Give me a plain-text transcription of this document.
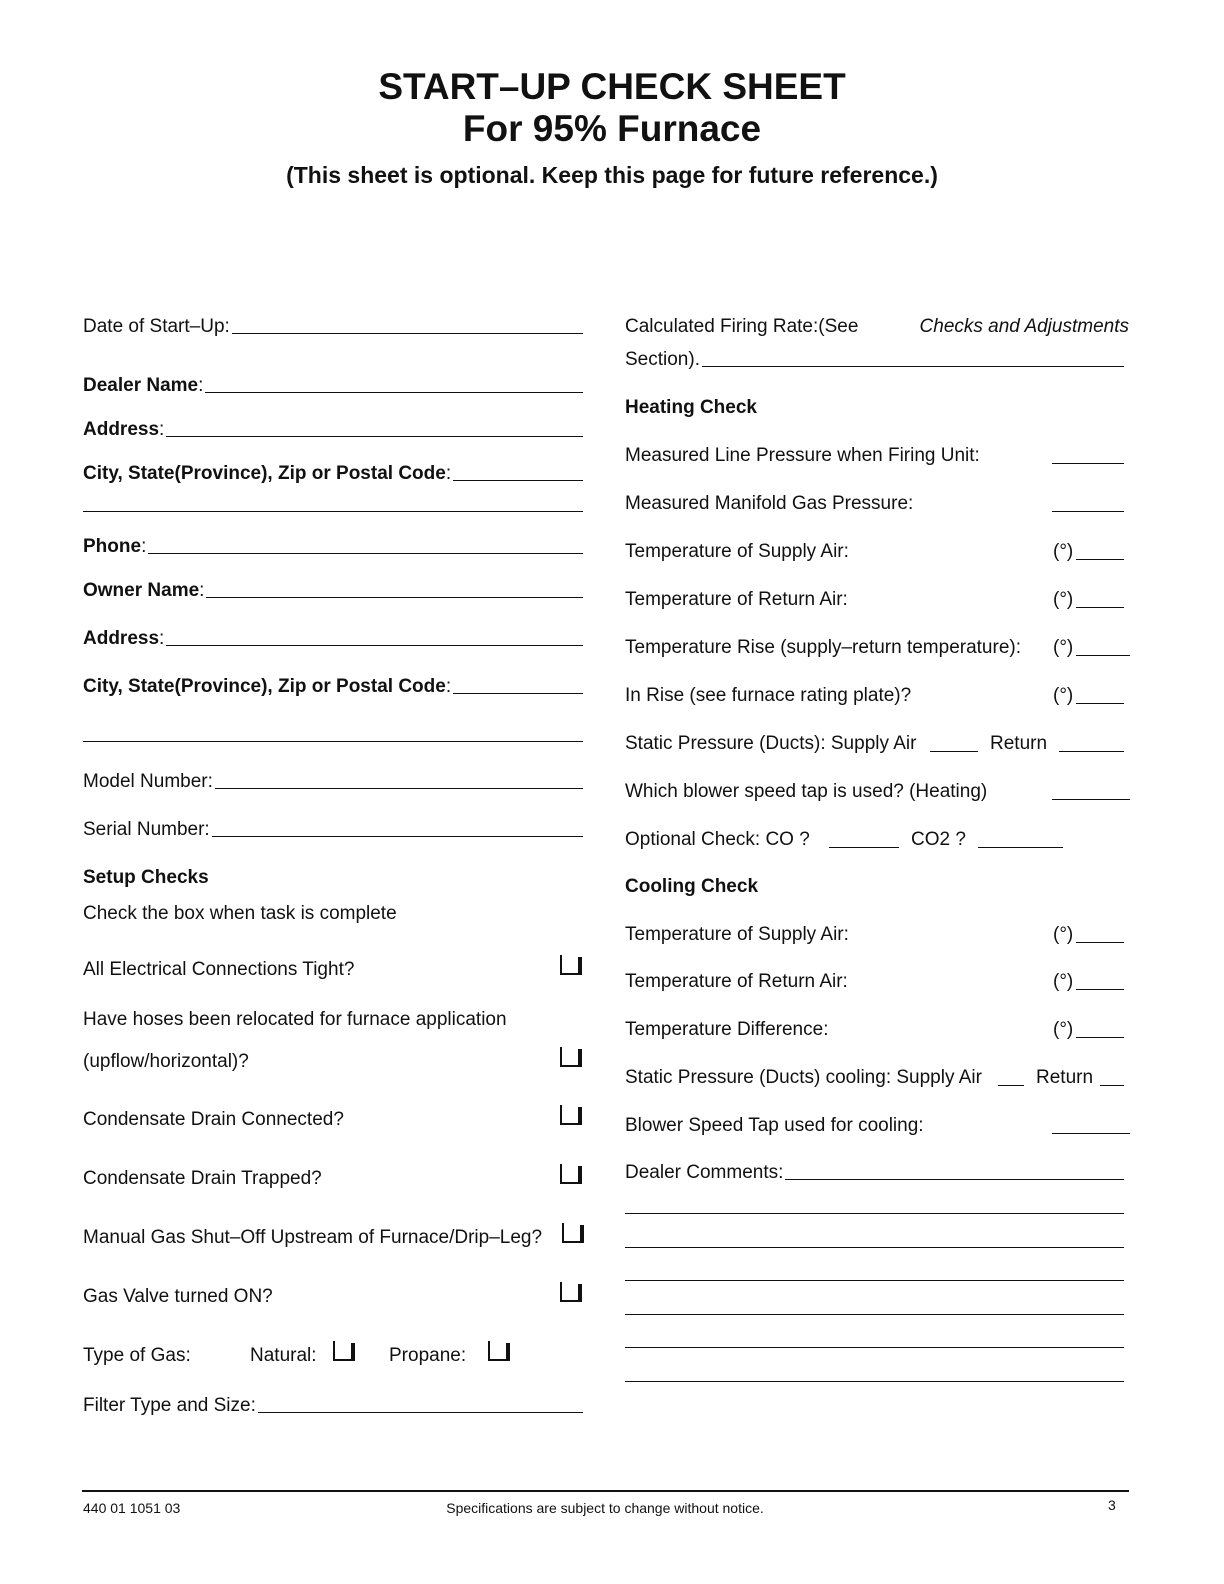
START–UP CHECK SHEET
For 95% Furnace
(This sheet is optional. Keep this page for future reference.)
Date of Start–Up:
Dealer Name :
Address :
City, State(Province), Zip or Postal Code :
Phone :
Owner Name :
Address :
City, State(Province), Zip or Postal Code :
Model Number:
Serial Number:
Setup Checks
Check the box when task is complete
All Electrical Connections Tight?
Have hoses been relocated for furnace application
(upflow/horizontal)?
Condensate Drain Connected?
Condensate Drain Trapped?
Manual Gas Shut–Off Upstream of Furnace/Drip–Leg?
Gas Valve turned ON?
Type of Gas:	Natural:	Propane:
Filter Type and Size:
Calculated Firing Rate:(See	Checks and Adjustments
Section).
Heating Check
Measured Line Pressure when Firing Unit:
Measured Manifold Gas Pressure:
Temperature of Supply Air:	(°)
Temperature of Return Air:	(°)
Temperature Rise (supply–return temperature): (°)
In Rise (see furnace rating plate)?	(°)
Static Pressure (Ducts): Supply Air	Return
Which blower speed tap is used? (Heating)
Optional Check: CO ?	CO2 ?
Cooling Check
Temperature of Supply Air:	(°)
Temperature of Return Air:	(°)
Temperature Difference:	(°)
Static Pressure (Ducts) cooling: Supply Air	Return
Blower Speed Tap used for cooling:
Dealer Comments:
440 01 1051 03	Specifications are subject to change without notice.	3
